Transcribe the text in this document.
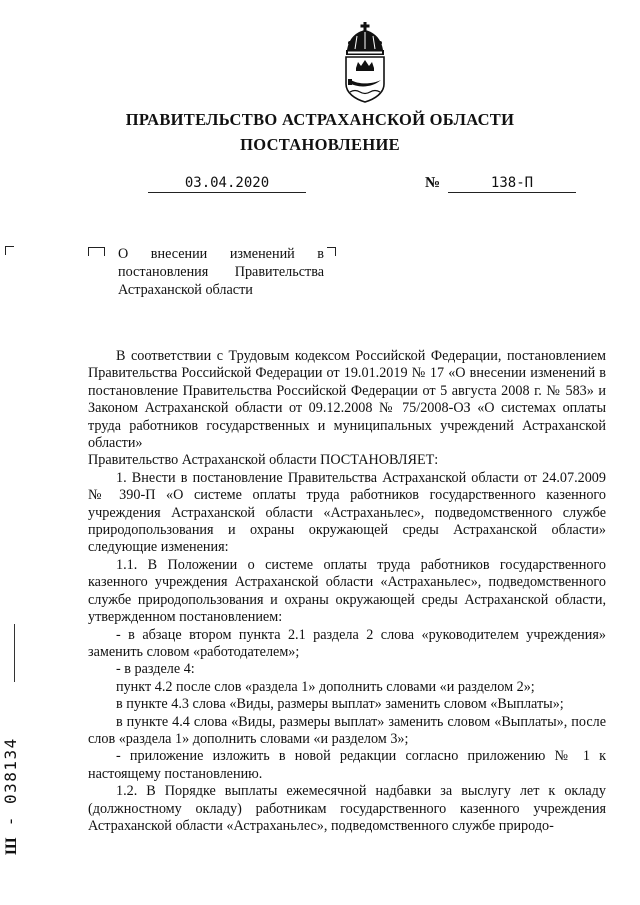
ПРАВИТЕЛЬСТВО АСТРАХАНСКОЙ ОБЛАСТИ
ПОСТАНОВЛЕНИЕ
03.04.2020	№	138-П
О внесении изменений в постановления Правительства Астраханской области

В соответствии с Трудовым кодексом Российской Федерации, постановлением Правительства Российской Федерации от 19.01.2019 № 17 «О внесении изменений в постановление Правительства Российской Федерации от 5 августа 2008 г. № 583» и Законом Астраханской области от 09.12.2008 № 75/2008-ОЗ «О системах оплаты труда работников государственных и муниципальных учреждений Астраханской области»

Правительство Астраханской области ПОСТАНОВЛЯЕТ:

1. Внести в постановление Правительства Астраханской области от 24.07.2009 № 390-П «О системе оплаты труда работников государственного казенного учреждения Астраханской области «Астраханьлес», подведомственного службе природопользования и охраны окружающей среды Астраханской области» следующие изменения:

1.1. В Положении о системе оплаты труда работников государственного казенного учреждения Астраханской области «Астраханьлес», подведомственного службе природопользования и охраны окружающей среды Астраханской области, утвержденном постановлением:

- в абзаце втором пункта 2.1 раздела 2 слова «руководителем учреждения» заменить словом «работодателем»;

- в разделе 4:

пункт 4.2 после слов «раздела 1» дополнить словами «и разделом 2»;

в пункте 4.3 слова «Виды, размеры выплат» заменить словом «Выплаты»;

в пункте 4.4 слова «Виды, размеры выплат» заменить словом «Выплаты», после слов «раздела 1» дополнить словами «и разделом 3»;

- приложение изложить в новой редакции согласно приложению № 1 к настоящему постановлению.

1.2. В Порядке выплаты ежемесячной надбавки за выслугу лет к окладу (должностному окладу) работникам государственного казенного учреждения Астраханской области «Астраханьлес», подведомственного службе природо-

Ш - 038134
